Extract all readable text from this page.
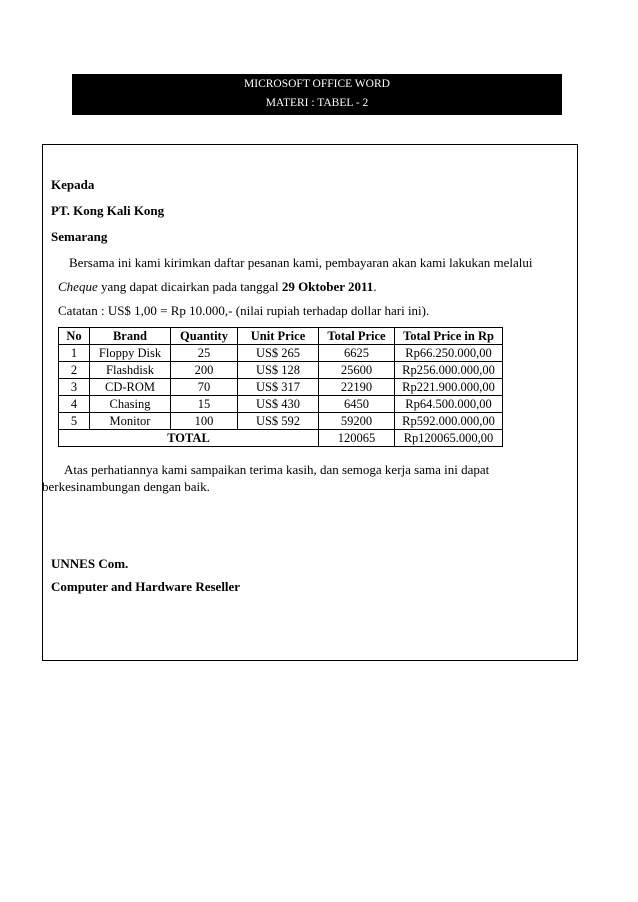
MICROSOFT OFFICE WORD
MATERI : TABEL - 2
Kepada
PT. Kong Kali Kong
Semarang
Bersama ini kami kirimkan daftar pesanan kami, pembayaran akan kami lakukan melalui
Cheque yang dapat dicairkan pada tanggal 29 Oktober 2011.
Catatan : US$ 1,00 = Rp 10.000,- (nilai rupiah terhadap dollar hari ini).
No	Brand	Quantity	Unit Price	Total Price	Total Price in Rp
1	Floppy Disk	25	US$ 265	6625	Rp66.250.000,00
2	Flashdisk	200	US$ 128	25600	Rp256.000.000,00
3	CD-ROM	70	US$ 317	22190	Rp221.900.000,00
4	Chasing	15	US$ 430	6450	Rp64.500.000,00
5	Monitor	100	US$ 592	59200	Rp592.000.000,00
TOTAL				120065	Rp120065.000,00
Atas perhatiannya kami sampaikan terima kasih, dan semoga kerja sama ini dapat
berkesinambungan dengan baik.
UNNES Com.
Computer and Hardware Reseller
